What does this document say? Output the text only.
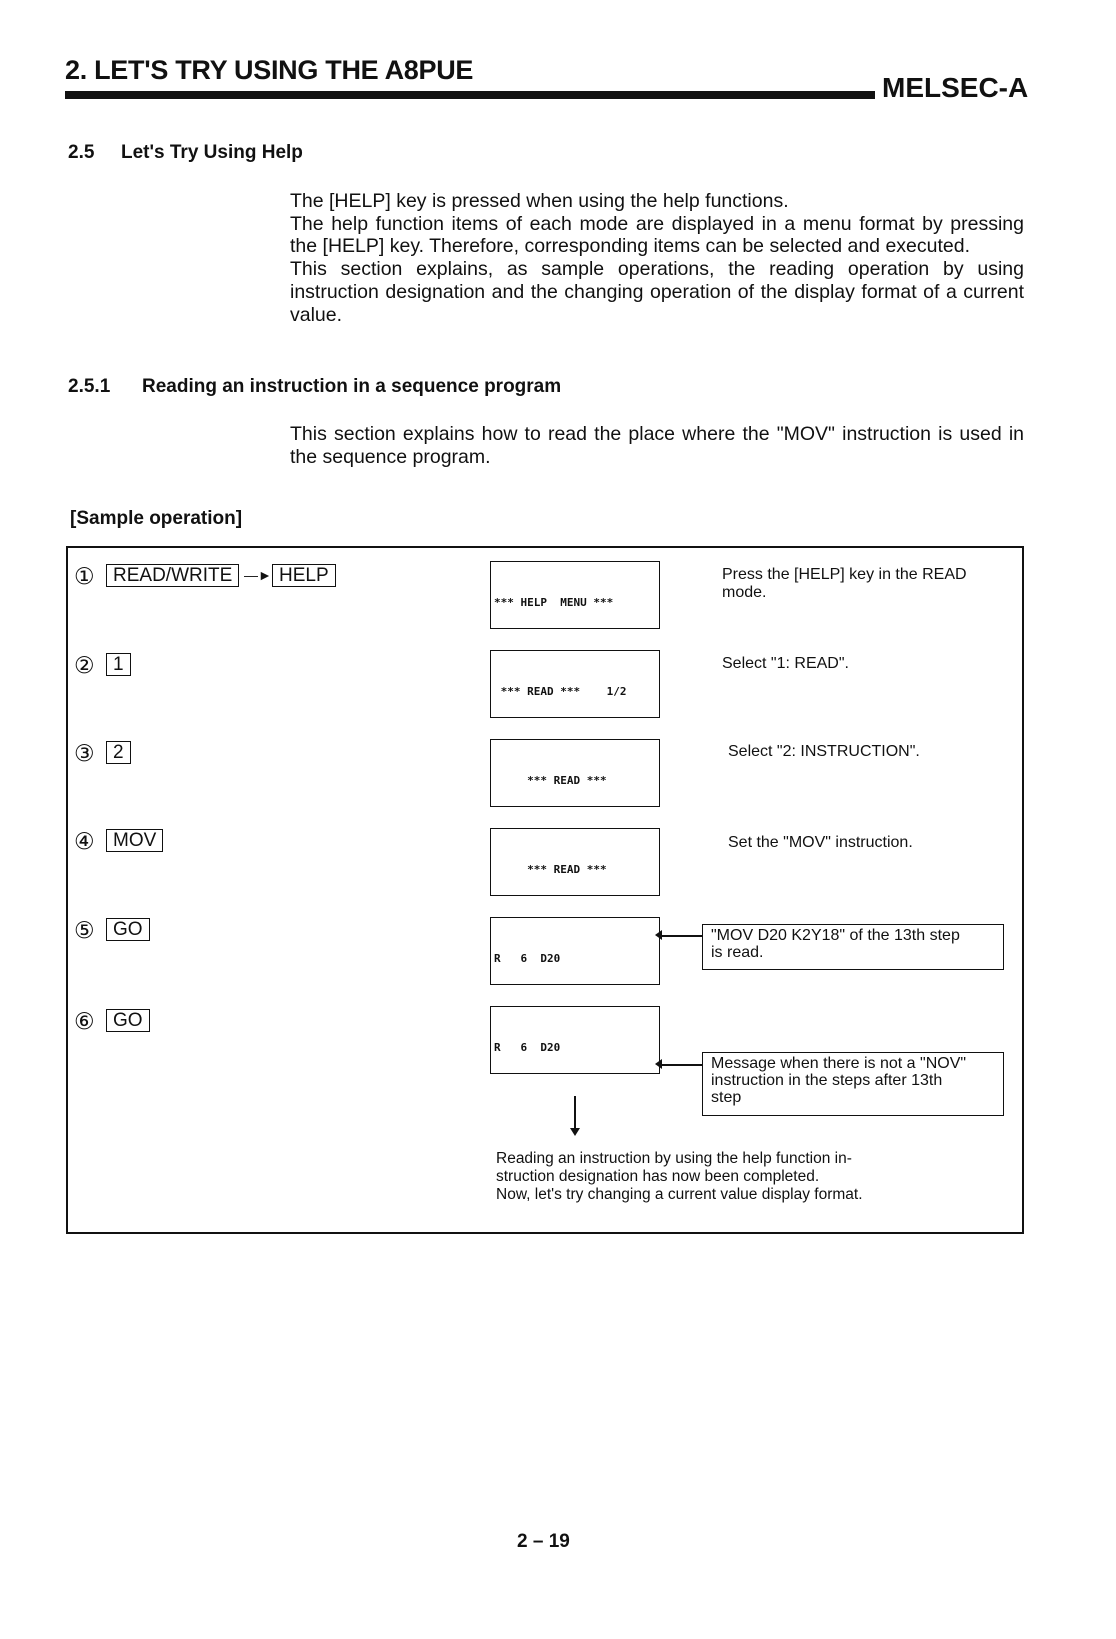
2. LET'S TRY USING THE A8PUE
MELSEC-A
2.5 Let's Try Using Help

The [HELP] key is pressed when using the help functions.

The help function items of each mode are displayed in a menu format by pressing the [HELP] key. Therefore, corresponding items can be selected and executed.

This section explains, as sample operations, the reading operation by using instruction designation and the changing operation of the display format of a current value.

2.5.1 Reading an instruction in a sequence program
This section explains how to read the place where the "MOV" instruction is used in the sequence program.
[Sample operation]
① READ/WRITE —► HELP

*** HELP  MENU ***

Press the [HELP] key in the READ
mode.
② 1

*** READ ***    1/2

Select "1: READ".
③ 2

*** READ ***

Select "2: INSTRUCTION".
④ MOV

*** READ ***

Set the "MOV" instruction.
⑤ GO

R   6  D20

"MOV D20 K2Y18" of the 13th step

is read.

⑥ GO

R   6  D20

Message when there is not a "NOV"

instruction in the steps after 13th

step

Reading an instruction by using the help function in-

struction designation has now been completed.

Now, let's try changing a current value display format.

2 – 19
